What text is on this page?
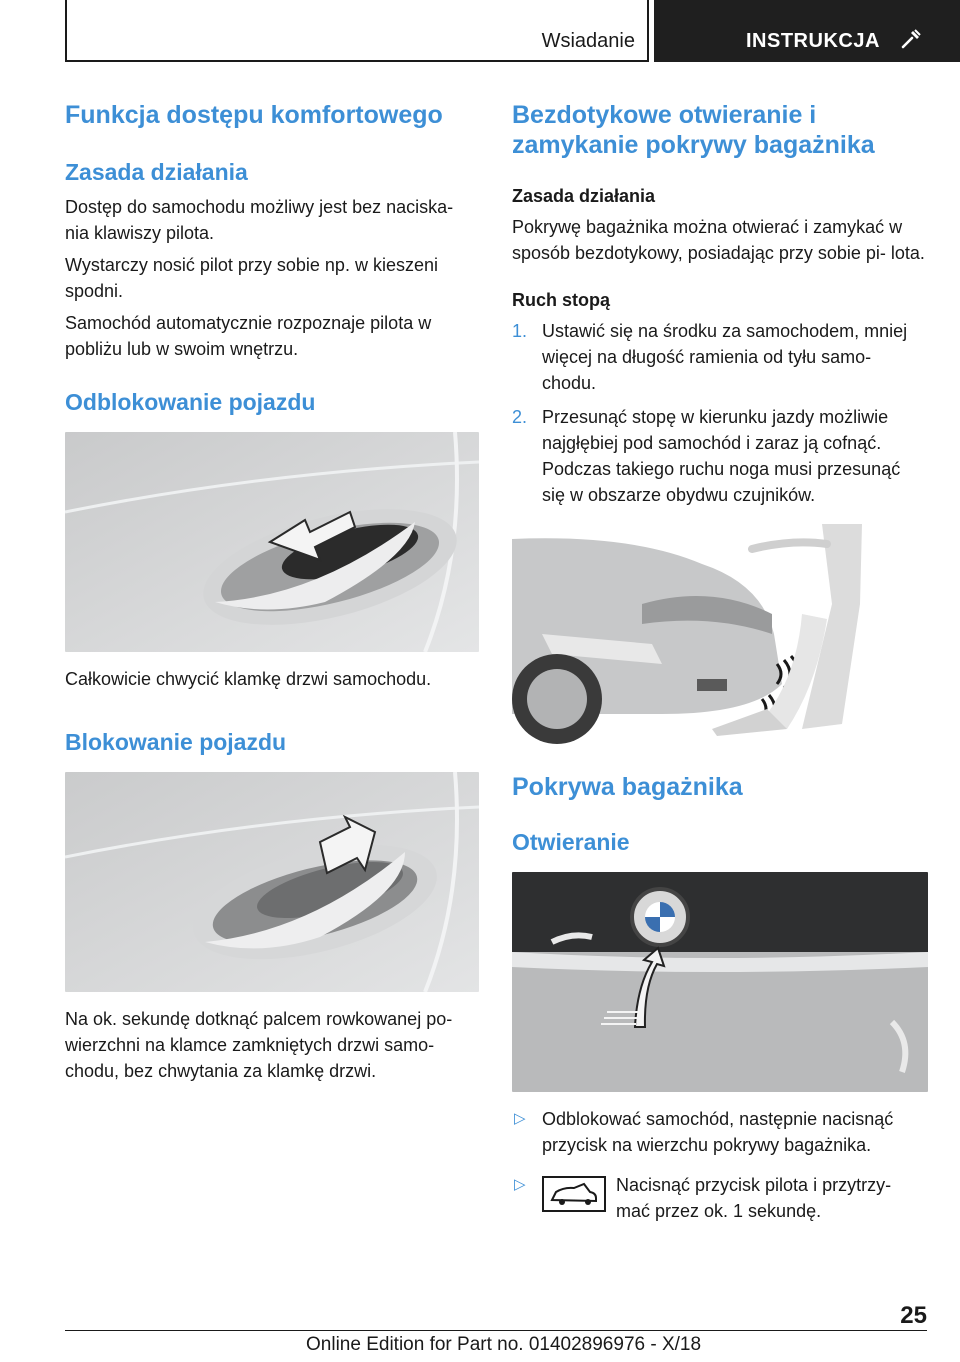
Wsiadanie	INSTRUKCJA
Funkcja dostępu komfortowego
Zasada działania

Dostęp do samochodu możliwy jest bez naciska‐ nia klawiszy pilota.

Wystarczy nosić pilot przy sobie np. w kieszeni spodni.

Samochód automatycznie rozpoznaje pilota w pobliżu lub w swoim wnętrzu.

Odblokowanie pojazdu

Całkowicie chwycić klamkę drzwi samochodu.

Blokowanie pojazdu

Na ok. sekundę dotknąć palcem rowkowanej po‐ wierzchni na klamce zamkniętych drzwi samo‐ chodu, bez chwytania za klamkę drzwi.

Bezdotykowe otwieranie i zamykanie pokrywy bagażnika
Zasada działania

Pokrywę bagażnika można otwierać i zamykać w sposób bezdotykowy, posiadając przy sobie pi‐ lota.

Ruch stopą
1. Ustawić się na środku za samochodem, mniej więcej na długość ramienia od tyłu samo‐ chodu.
2. Przesunąć stopę w kierunku jazdy możliwie najgłębiej pod samochód i zaraz ją cofnąć. Podczas takiego ruchu noga musi przesunąć się w obszarze obydwu czujników.
Pokrywa bagażnika
Otwieranie
▷ Odblokować samochód, następnie nacisnąć przycisk na wierzchu pokrywy bagażnika.
▷	Nacisnąć przycisk pilota i przytrzy‐ mać przez ok. 1 sekundę.

25
Online Edition for Part no. 01402896976 - X/18
